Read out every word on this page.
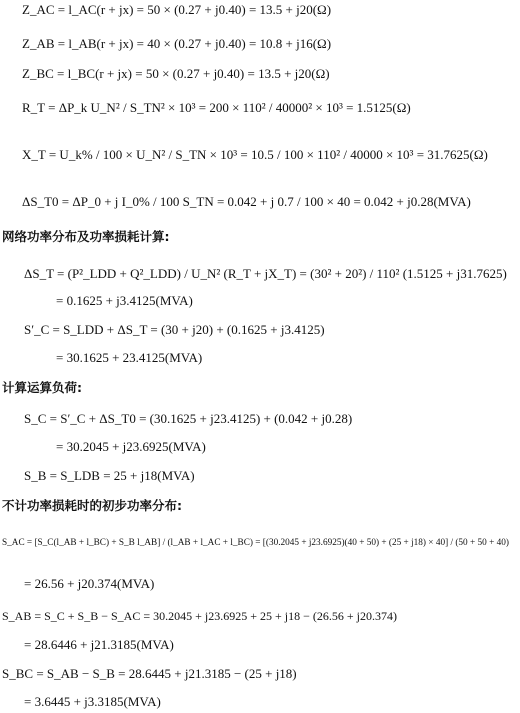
Z_AC = l_AC(r + jx) = 50 × (0.27 + j0.40) = 13.5 + j20(Ω)
Z_AB = l_AB(r + jx) = 40 × (0.27 + j0.40) = 10.8 + j16(Ω)
Z_BC = l_BC(r + jx) = 50 × (0.27 + j0.40) = 13.5 + j20(Ω)
R_T = ΔP_k U_N² / S_TN² × 10³ = 200 × 110² / 40000² × 10³ = 1.5125(Ω)
X_T = U_k% / 100 × U_N² / S_TN × 10³ = 10.5 / 100 × 110² / 40000 × 10³ = 31.7625(Ω)
ΔS_T0 = ΔP_0 + j I_0% / 100 S_TN = 0.042 + j 0.7 / 100 × 40 = 0.042 + j0.28(MVA)
网络功率分布及功率损耗计算:
ΔS_T = (P²_LDD + Q²_LDD) / U_N² (R_T + jX_T) = (30² + 20²) / 110² (1.5125 + j31.7625)
= 0.1625 + j3.4125(MVA)
S′_C = S_LDD + ΔS_T = (30 + j20) + (0.1625 + j3.4125)
= 30.1625 + 23.4125(MVA)
计算运算负荷:
S_C = S′_C + ΔS_T0 = (30.1625 + j23.4125) + (0.042 + j0.28)
= 30.2045 + j23.6925(MVA)
S_B = S_LDB = 25 + j18(MVA)
不计功率损耗时的初步功率分布:
S_AC = [S_C(l_AB + l_BC) + S_B l_AB] / (l_AB + l_AC + l_BC) = [(30.2045 + j23.6925)(40 + 50) + (25 + j18) × 40] / (50 + 50 + 40)
= 26.56 + j20.374(MVA)
S_AB = S_C + S_B − S_AC = 30.2045 + j23.6925 + 25 + j18 − (26.56 + j20.374)
= 28.6446 + j21.3185(MVA)
S_BC = S_AB − S_B = 28.6445 + j21.3185 − (25 + j18)
= 3.6445 + j3.3185(MVA)
